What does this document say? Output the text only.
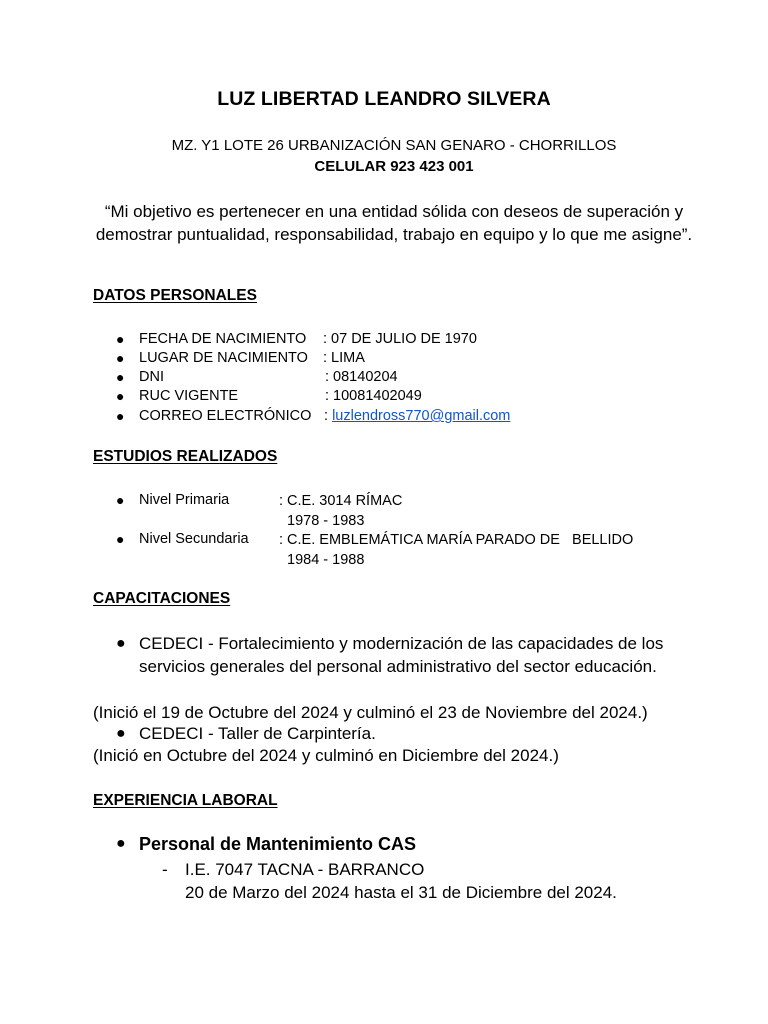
LUZ LIBERTAD LEANDRO SILVERA
MZ. Y1 LOTE 26 URBANIZACIÓN SAN GENARO - CHORRILLOS
CELULAR 923 423 001
“Mi objetivo es pertenecer en una entidad sólida con deseos de superación y demostrar puntualidad, responsabilidad, trabajo en equipo y lo que me asigne”.
DATOS PERSONALES
● FECHA DE NACIMIENTO : 07 DE JULIO DE 1970
● LUGAR DE NACIMIENTO : LIMA
● DNI	: 08140204
● RUC VIGENTE	: 10081402049
● CORREO ELECTRÓNICO : luzlendross770@gmail.com
ESTUDIOS REALIZADOS
● Nivel Primaria	: C.E. 3014 RÍMAC
1978 - 1983
● Nivel Secundaria : C.E. EMBLEMÁTICA MARÍA PARADO DE   BELLIDO
1984 - 1988
CAPACITACIONES
● CEDECI - Fortalecimiento y modernización de las capacidades de los servicios generales del personal administrativo del sector educación.
(Inició el 19 de Octubre del 2024 y culminó el 23 de Noviembre del 2024.)
● CEDECI - Taller de Carpintería.
(Inició en Octubre del 2024 y culminó en Diciembre del 2024.)
EXPERIENCIA LABORAL
● Personal de Mantenimiento CAS
- I.E. 7047 TACNA - BARRANCO
20 de Marzo del 2024 hasta el 31 de Diciembre del 2024.
